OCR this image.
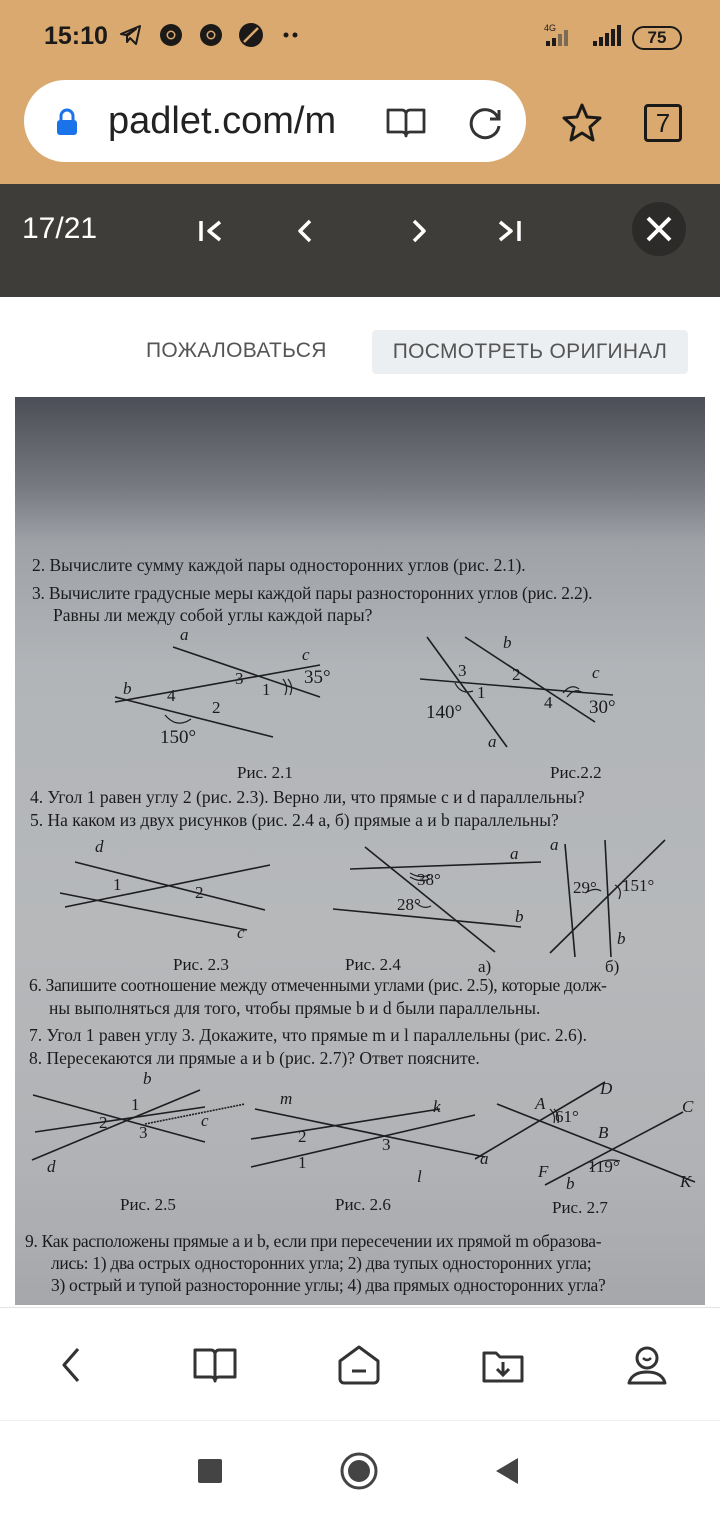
15:10	4G	75
padlet.com/m	7
17/21
ПОЖАЛОВАТЬСЯ	ПОСМОТРЕТЬ ОРИГИНАЛ
2. Вычислите сумму каждой пары односторонних углов (рис. 2.1).
3. Вычислите градусные меры каждой пары разносторонних углов (рис. 2.2).
Равны ли между собой углы каждой пары?
4. Угол 1 равен углу 2 (рис. 2.3). Верно ли, что прямые c и d параллельны?
5. На каком из двух рисунков (рис. 2.4 а, б) прямые a и b параллельны?
6. Запишите соотношение между отмеченными углами (рис. 2.5), которые долж-
ны выполняться для того, чтобы прямые b и d были параллельны.
7. Угол 1 равен углу 3. Докажите, что прямые m и l параллельны (рис. 2.6).
8. Пересекаются ли прямые a и b (рис. 2.7)? Ответ поясните.
9. Как расположены прямые a и b, если при пересечении их прямой m образова-
лись: 1) два острых односторонних угла; 2) два тупых односторонних угла;
3) острый и тупой разносторонние углы; 4) два прямых односторонних угла?
a
c
b
3
1
35°
4
2
150°
b
3	2	c
1
4 30°
140°
a
Рис. 2.1	Рис.2.2
d
1	2
c
a
38°
28°
b
a
29° 151°
b
Рис. 2.3	Рис. 2.4	а)	б)
b
1
2
3
c
d
m	k
2	3
1
l
D
A
61°
C
B
a
F 119°
b	K
Рис. 2.5	Рис. 2.6	Рис. 2.7
